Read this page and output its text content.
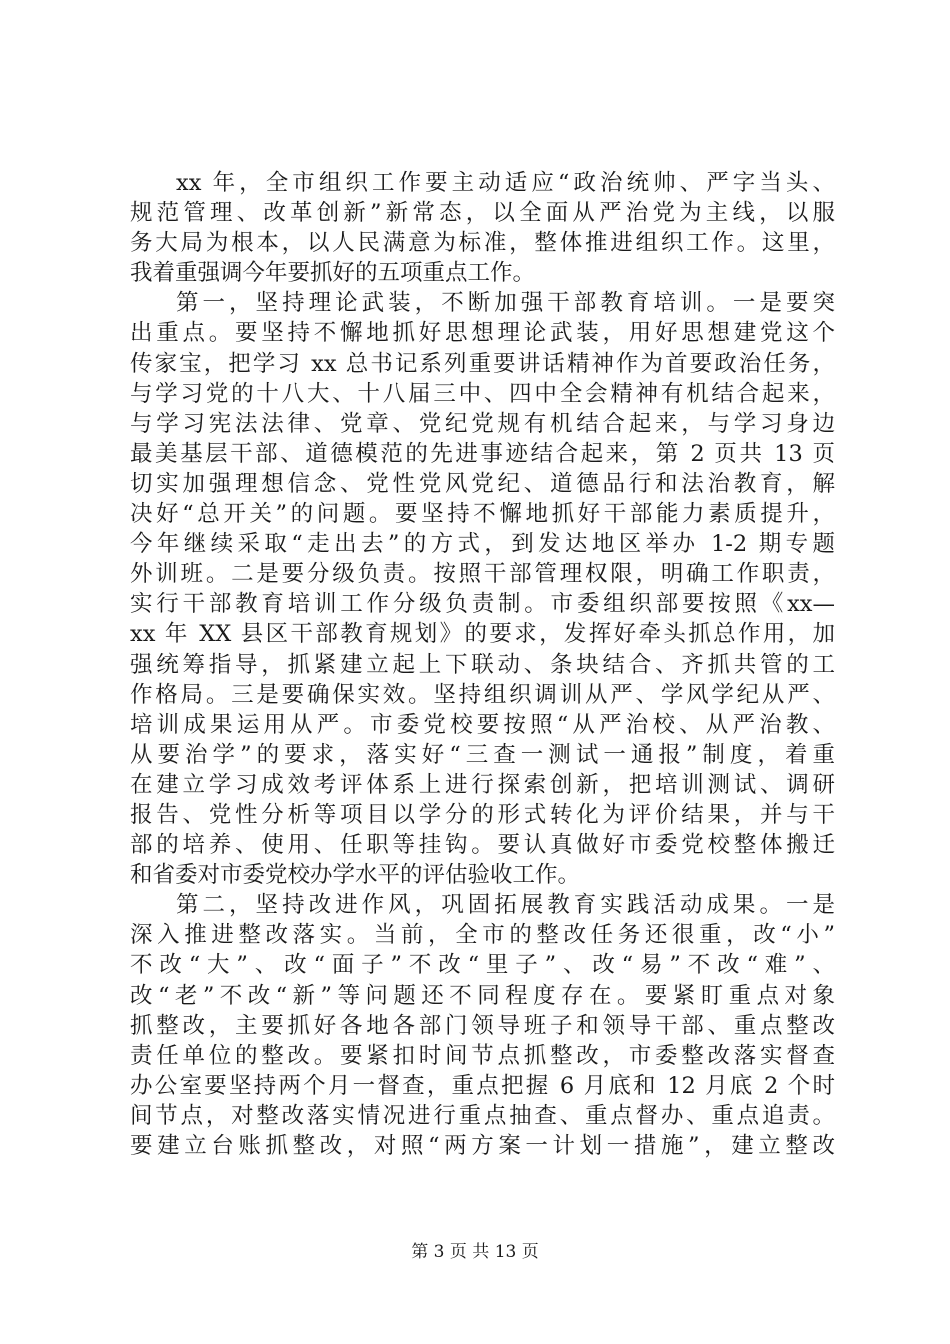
xx 年，全市组织工作要主动适应“政治统帅、严字当头、
规范管理、改革创新”新常态，以全面从严治党为主线，以服
务大局为根本，以人民满意为标准，整体推进组织工作。这里，
我着重强调今年要抓好的五项重点工作。

第一，坚持理论武装，不断加强干部教育培训。一是要突
出重点。要坚持不懈地抓好思想理论武装，用好思想建党这个
传家宝，把学习 xx 总书记系列重要讲话精神作为首要政治任务，
与学习党的十八大、十八届三中、四中全会精神有机结合起来，
与学习宪法法律、党章、党纪党规有机结合起来，与学习身边
最美基层干部、道德模范的先进事迹结合起来，第 2 页共 13 页
切实加强理想信念、党性党风党纪、道德品行和法治教育，解
决好“总开关”的问题。要坚持不懈地抓好干部能力素质提升，
今年继续采取“走出去”的方式，到发达地区举办 1-2 期专题
外训班。二是要分级负责。按照干部管理权限，明确工作职责，
实行干部教育培训工作分级负责制。市委组织部要按照《xx—
xx 年 XX 县区干部教育规划》的要求，发挥好牵头抓总作用，加
强统筹指导，抓紧建立起上下联动、条块结合、齐抓共管的工
作格局。三是要确保实效。坚持组织调训从严、学风学纪从严、
培训成果运用从严。市委党校要按照“从严治校、从严治教、
从要治学”的要求，落实好“三查一测试一通报”制度，着重
在建立学习成效考评体系上进行探索创新，把培训测试、调研
报告、党性分析等项目以学分的形式转化为评价结果，并与干
部的培养、使用、任职等挂钩。要认真做好市委党校整体搬迁
和省委对市委党校办学水平的评估验收工作。

第二，坚持改进作风，巩固拓展教育实践活动成果。一是
深入推进整改落实。当前，全市的整改任务还很重，改“小”
不改“大”、改“面子”不改“里子”、改“易”不改“难”、
改“老”不改“新”等问题还不同程度存在。要紧盯重点对象
抓整改，主要抓好各地各部门领导班子和领导干部、重点整改
责任单位的整改。要紧扣时间节点抓整改，市委整改落实督查
办公室要坚持两个月一督查，重点把握 6 月底和 12 月底 2 个时
间节点，对整改落实情况进行重点抽查、重点督办、重点追责。
要建立台账抓整改，对照“两方案一计划一措施”，建立整改

第 3 页 共 13 页
